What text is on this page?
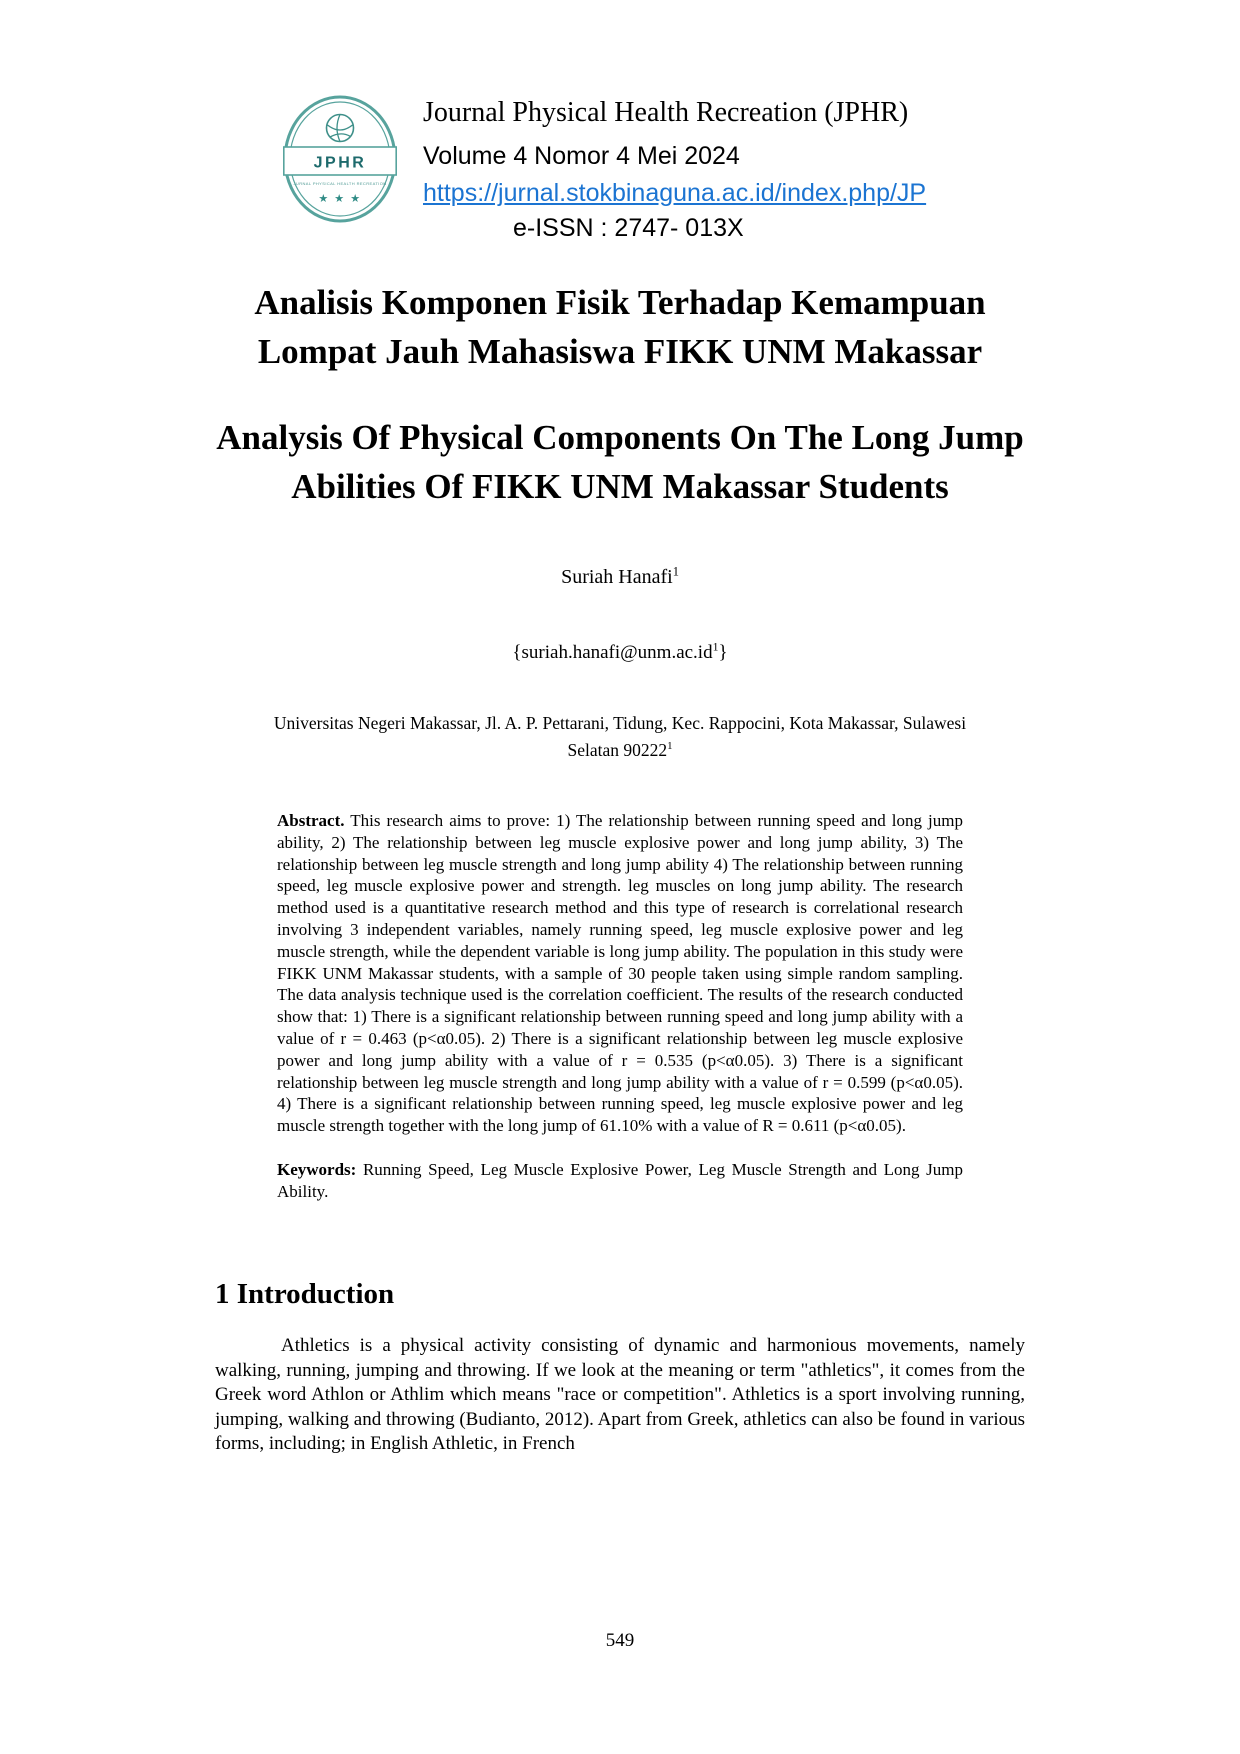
JPHR
JURNAL PHYSICAL HEALTH RECREATION
★ ★ ★
Journal Physical Health Recreation (JPHR)
Volume 4 Nomor 4 Mei 2024
https://jurnal.stokbinaguna.ac.id/index.php/JP
e-ISSN : 2747- 013X
Analisis Komponen Fisik Terhadap Kemampuan
Lompat Jauh Mahasiswa FIKK UNM Makassar
Analysis Of Physical Components On The Long Jump
Abilities Of FIKK UNM Makassar Students
Suriah Hanafi$^1$
$\{suriah.hanafi@unm.ac.id^1\}$
Universitas Negeri Makassar, Jl. A. P. Pettarani, Tidung, Kec. Rappocini, Kota Makassar, Sulawesi
Selatan 90222$^1$

Abstract. This research aims to prove: 1) The relationship between running speed and long jump ability, 2) The relationship between leg muscle explosive power and long jump ability, 3) The relationship between leg muscle strength and long jump ability 4) The relationship between running speed, leg muscle explosive power and strength. leg muscles on long jump ability. The research method used is a quantitative research method and this type of research is correlational research involving 3 independent variables, namely running speed, leg muscle explosive power and leg muscle strength, while the dependent variable is long jump ability. The population in this study were FIKK UNM Makassar students, with a sample of 30 people taken using simple random sampling. The data analysis technique used is the correlation coefficient. The results of the research conducted show that: 1) There is a significant relationship between running speed and long jump ability with a value of r = 0.463 (p<α0.05). 2) There is a significant relationship between leg muscle explosive power and long jump ability with a value of r = 0.535 (p<α0.05). 3) There is a significant relationship between leg muscle strength and long jump ability with a value of r = 0.599 (p<α0.05). 4) There is a significant relationship between running speed, leg muscle explosive power and leg muscle strength together with the long jump of 61.10% with a value of R = 0.611 (p<α0.05).

Keywords: Running Speed, Leg Muscle Explosive Power, Leg Muscle Strength and Long Jump Ability.

1 Introduction

Athletics is a physical activity consisting of dynamic and harmonious movements, namely walking, running, jumping and throwing. If we look at the meaning or term "athletics", it comes from the Greek word Athlon or Athlim which means "race or competition". Athletics is a sport involving running, jumping, walking and throwing (Budianto, 2012). Apart from Greek, athletics can also be found in various forms, including; in English Athletic, in French

549
